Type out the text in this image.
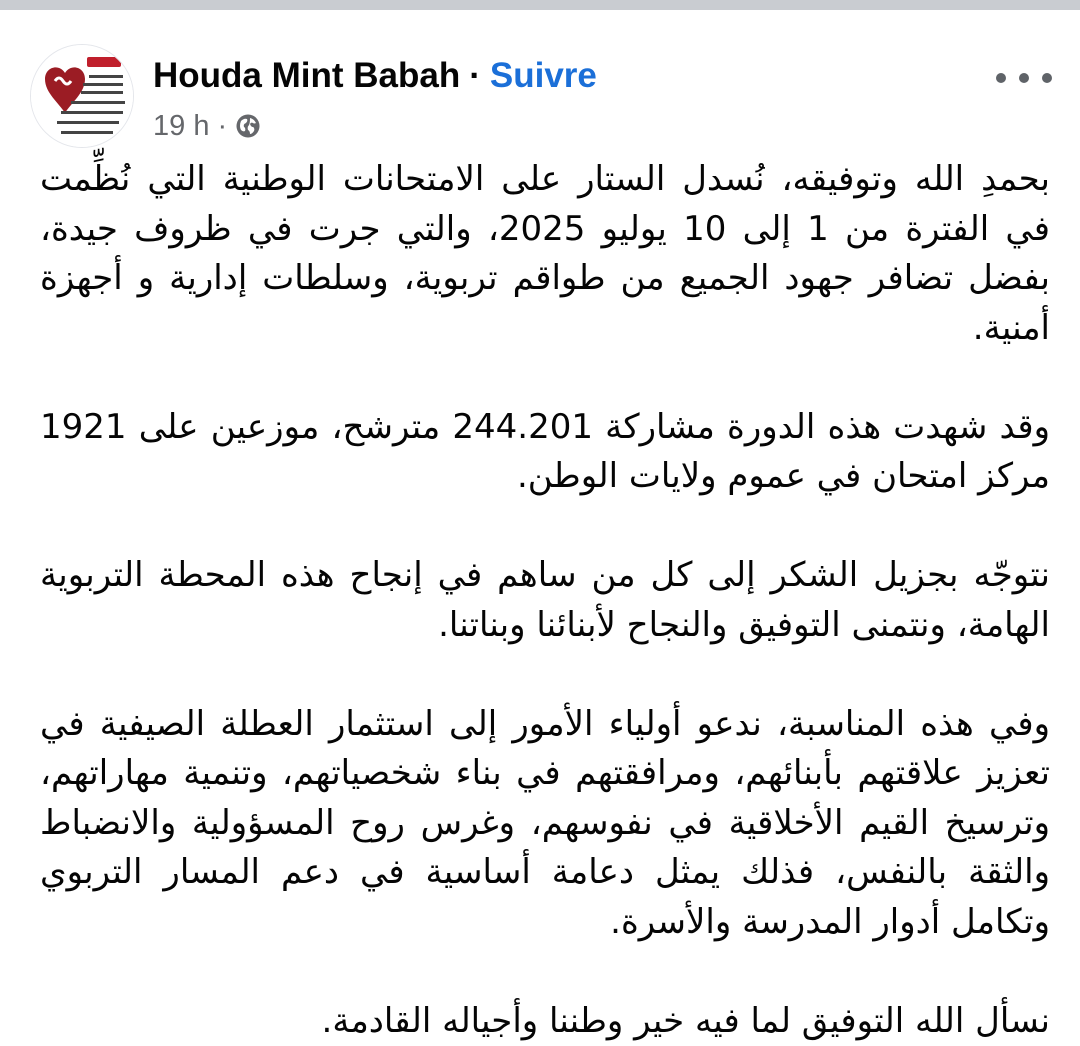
Houda Mint Babah · Suivre
19 h ·

بحمدِ الله وتوفيقه، نُسدل الستار على الامتحانات الوطنية التي نُظِّمت في الفترة من 1 إلى 10 يوليو 2025، والتي جرت في ظروف جيدة، بفضل تضافر جهود الجميع من طواقم تربوية، وسلطات إدارية و أجهزة أمنية.

وقد شهدت هذه الدورة مشاركة 244.201 مترشح، موزعين على 1921 مركز امتحان في عموم ولايات الوطن.

نتوجّه بجزيل الشكر إلى كل من ساهم في إنجاح هذه المحطة التربوية الهامة، ونتمنى التوفيق والنجاح لأبنائنا وبناتنا.

وفي هذه المناسبة، ندعو أولياء الأمور إلى استثمار العطلة الصيفية في تعزيز علاقتهم بأبنائهم، ومرافقتهم في بناء شخصياتهم، وتنمية مهاراتهم، وترسيخ القيم الأخلاقية في نفوسهم، وغرس روح المسؤولية والانضباط والثقة بالنفس، فذلك يمثل دعامة أساسية في دعم المسار التربوي وتكامل أدوار المدرسة والأسرة.

نسأل الله التوفيق لما فيه خير وطننا وأجياله القادمة.
